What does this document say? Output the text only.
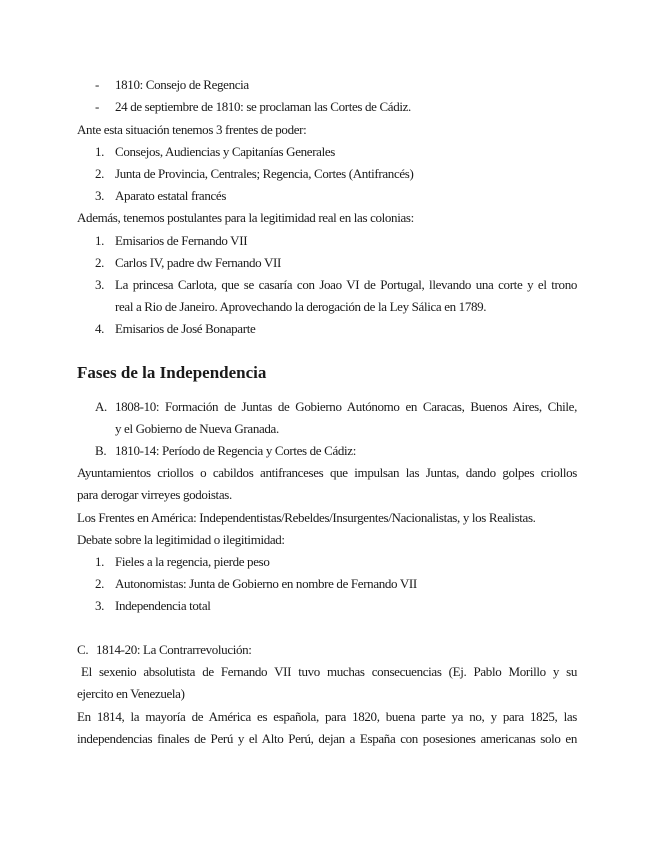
- 1810: Consejo de Regencia
- 24 de septiembre de 1810: se proclaman las Cortes de Cádiz.
Ante esta situación tenemos 3 frentes de poder:
1. Consejos, Audiencias y Capitanías Generales
2. Junta de Provincia, Centrales; Regencia, Cortes (Antifrancés)
3. Aparato estatal francés
Además, tenemos postulantes para la legitimidad real en las colonias:
1. Emisarios de Fernando VII
2. Carlos IV, padre dw Fernando VII
3. La princesa Carlota, que se casaría con Joao VI de Portugal, llevando una corte y el trono
real a Rio de Janeiro. Aprovechando la derogación de la Ley Sálica en 1789.
4. Emisarios de José Bonaparte
Fases de la Independencia
A. 1808-10: Formación de Juntas de Gobierno Autónomo en Caracas, Buenos Aires, Chile,
y el Gobierno de Nueva Granada.
B. 1810-14: Período de Regencia y Cortes de Cádiz:
Ayuntamientos criollos o cabildos antifranceses que impulsan las Juntas, dando golpes criollos
para derogar virreyes godoistas.
Los Frentes en América: Independentistas/Rebeldes/Insurgentes/Nacionalistas, y los Realistas.
Debate sobre la legitimidad o ilegitimidad:
1. Fieles a la regencia, pierde peso
2. Autonomistas: Junta de Gobierno en nombre de Fernando VII
3. Independencia total
C. 1814-20: La Contrarrevolución:
El sexenio absolutista de Fernando VII tuvo muchas consecuencias (Ej. Pablo Morillo y su
ejercito en Venezuela)
En 1814, la mayoría de América es española, para 1820, buena parte ya no, y para 1825, las
independencias finales de Perú y el Alto Perú, dejan a España con posesiones americanas solo en
